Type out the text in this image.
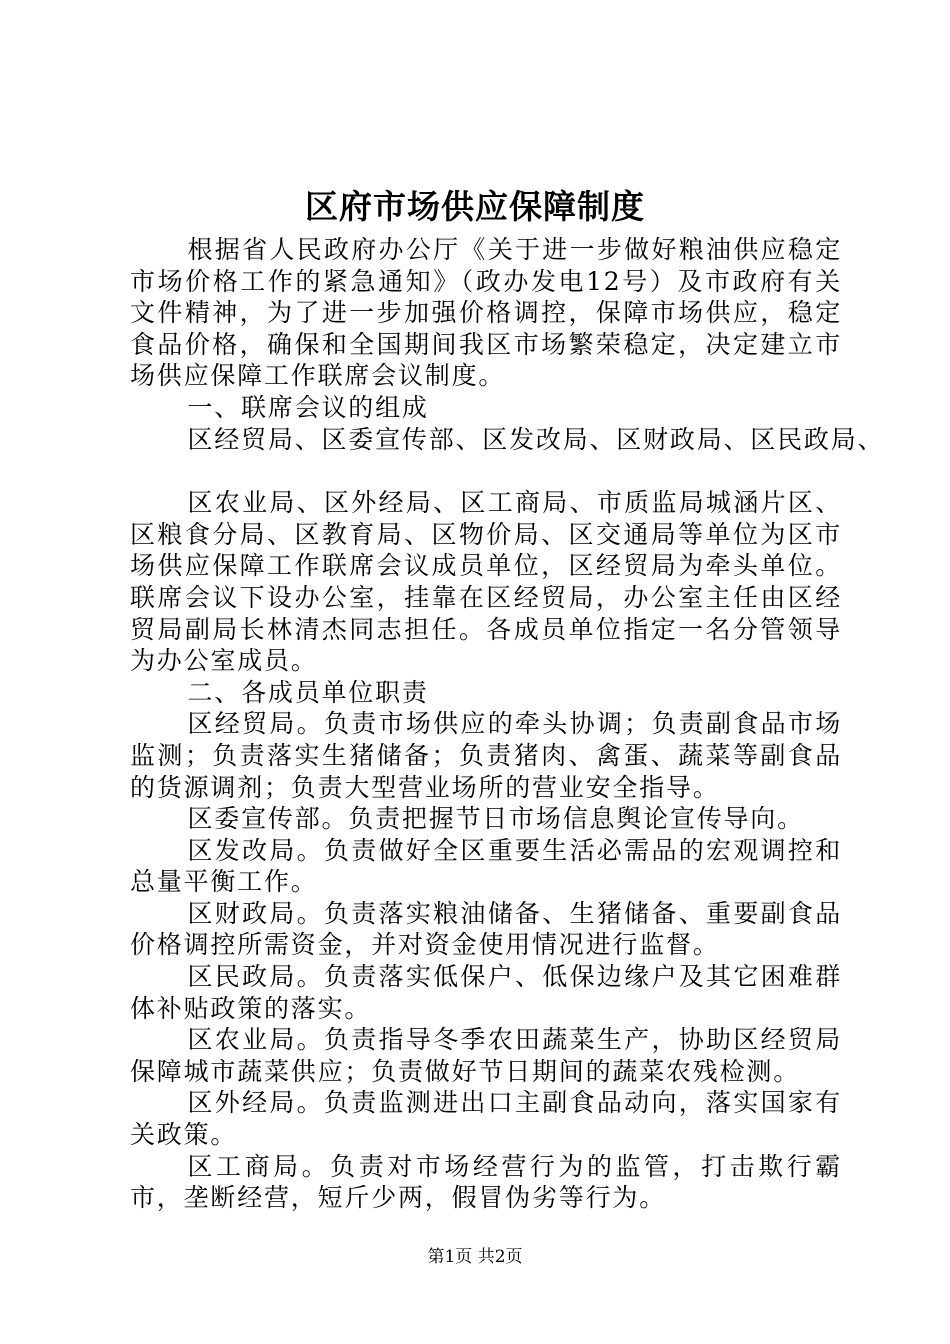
区府市场供应保障制度

根据省人民政府办公厅《关于进一步做好粮油供应稳定市场价格工作的紧急通知》（政办发电12号）及市政府有关文件精神，为了进一步加强价格调控，保障市场供应，稳定食品价格，确保和全国期间我区市场繁荣稳定，决定建立市场供应保障工作联席会议制度。

一、联席会议的组成

区经贸局、区委宣传部、区发改局、区财政局、区民政局、

区农业局、区外经局、区工商局、市质监局城涵片区、区粮食分局、区教育局、区物价局、区交通局等单位为区市场供应保障工作联席会议成员单位，区经贸局为牵头单位。联席会议下设办公室，挂靠在区经贸局，办公室主任由区经贸局副局长林清杰同志担任。各成员单位指定一名分管领导为办公室成员。

二、各成员单位职责

区经贸局。负责市场供应的牵头协调；负责副食品市场监测；负责落实生猪储备；负责猪肉、禽蛋、蔬菜等副食品的货源调剂；负责大型营业场所的营业安全指导。

区委宣传部。负责把握节日市场信息舆论宣传导向。

区发改局。负责做好全区重要生活必需品的宏观调控和总量平衡工作。

区财政局。负责落实粮油储备、生猪储备、重要副食品价格调控所需资金，并对资金使用情况进行监督。

区民政局。负责落实低保户、低保边缘户及其它困难群体补贴政策的落实。

区农业局。负责指导冬季农田蔬菜生产，协助区经贸局保障城市蔬菜供应；负责做好节日期间的蔬菜农残检测。

区外经局。负责监测进出口主副食品动向，落实国家有关政策。

区工商局。负责对市场经营行为的监管，打击欺行霸市，垄断经营，短斤少两，假冒伪劣等行为。

第1页 共2页
